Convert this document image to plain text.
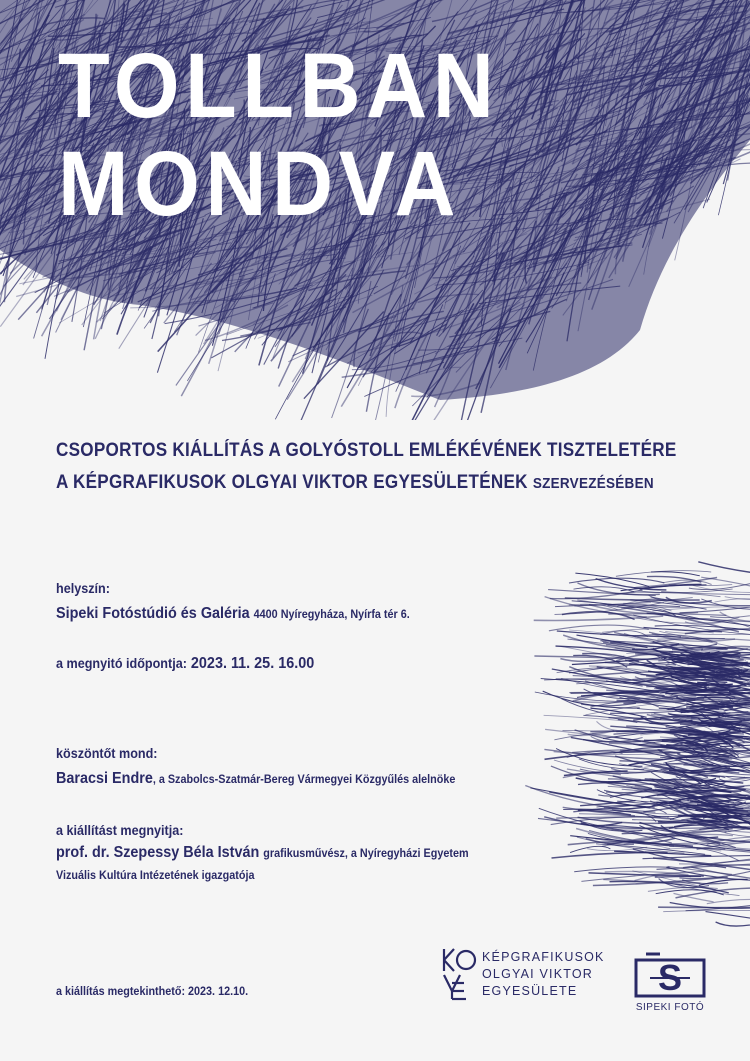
TOLLBAN
MONDVA
CSOPORTOS KIÁLLÍTÁS A GOLYÓSTOLL EMLÉKÉVÉNEK TISZTELETÉRE
A KÉPGRAFIKUSOK OLGYAI VIKTOR EGYESÜLETÉNEK SZERVEZÉSÉBEN
helyszín:
Sipeki Fotóstúdió és Galéria 4400 Nyíregyháza, Nyírfa tér 6.
a megnyitó időpontja: 2023. 11. 25. 16.00
köszöntőt mond:
Baracsi Endre, a Szabolcs-Szatmár-Bereg Vármegyei Közgyűlés alelnöke
a kiállítást megnyitja:
prof. dr. Szepessy Béla István grafikusművész, a Nyíregyházi Egyetem
Vizuális Kultúra Intézetének igazgatója
a kiállítás megtekinthető: 2023. 12.10.
KÉPGRAFIKUSOK
OLGYAI VIKTOR
EGYESÜLETE S
SIPEKI FOTÓ
